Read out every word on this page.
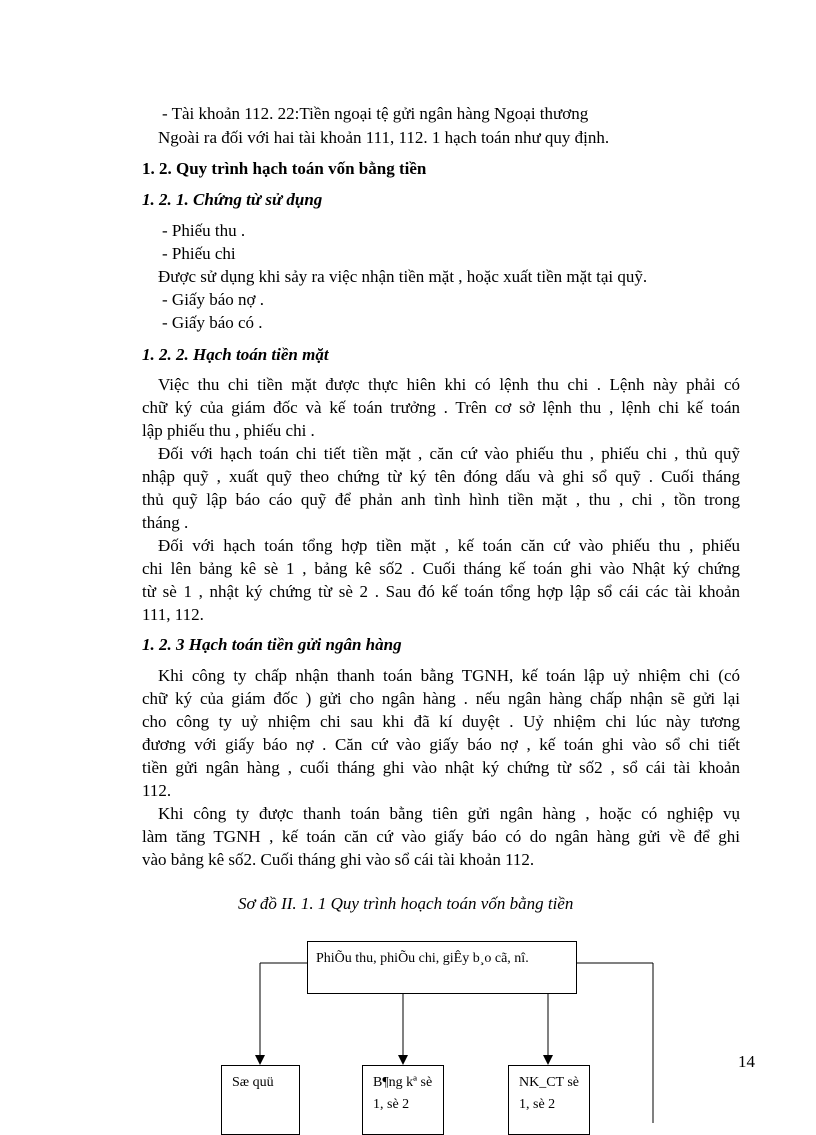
- Tài khoản 112. 22:Tiền ngoại tệ gửi ngân hàng Ngoại thương
Ngoài ra đối với hai tài khoản 111, 112. 1 hạch toán như quy định.
1. 2. Quy trình hạch toán vốn bằng tiền
1. 2. 1. Chứng từ sử dụng
- Phiếu thu .
- Phiếu chi
Được sử dụng khi sảy ra việc nhận tiền mặt , hoặc xuất tiền mặt tại quỹ.
- Giấy báo nợ .
- Giấy báo có .
1. 2. 2. Hạch toán tiền mặt
Việc thu chi tiền mặt được thực hiên khi có lệnh thu chi . Lệnh này phải có
chữ ký của giám đốc và kế toán trưởng . Trên cơ sở lệnh thu , lệnh chi kế toán
lập phiếu thu , phiếu chi .
Đối với hạch toán chi tiết tiền mặt , căn cứ vào phiếu thu , phiếu chi , thủ quỹ
nhập quỹ , xuất quỹ theo chứng từ ký tên đóng dấu và ghi sổ quỹ . Cuối tháng
thủ quỹ lập báo cáo quỹ để phản anh tình hình tiền mặt , thu , chi , tồn trong
tháng .
Đối với hạch toán tổng hợp tiền mặt , kế toán căn cứ vào phiếu thu , phiếu
chi lên bảng kê sè 1 , bảng kê số2 . Cuối tháng kế toán ghi vào Nhật ký chứng
từ sè 1 , nhật ký chứng từ sè 2 . Sau đó kế toán tổng hợp lập sổ cái các tài khoản
111, 112.
1. 2. 3 Hạch toán tiền gửi ngân hàng
Khi công ty chấp nhận thanh toán bằng TGNH, kế toán lập uỷ nhiệm chi (có
chữ ký của giám đốc ) gửi cho ngân hàng . nếu ngân hàng chấp nhận sẽ gửi lại
cho công ty uỷ nhiệm chi sau khi đã kí duyệt . Uỷ nhiệm chi lúc này tương
đương với giấy báo nợ . Căn cứ vào giấy báo nợ , kế toán ghi vào sổ chi tiết
tiền gửi ngân hàng , cuối tháng ghi vào nhật ký chứng từ số2 , sổ cái tài khoản
112.
Khi công ty được thanh toán bằng tiên gửi ngân hàng , hoặc có nghiệp vụ
làm tăng TGNH , kế toán căn cứ vào giấy báo có do ngân hàng gửi về để ghi
vào bảng kê số2. Cuối tháng ghi vào sổ cái tài khoản 112.
Sơ đồ II. 1. 1 Quy trình hoạch toán vốn bằng tiền
PhiÕu thu, phiÕu chi, giÊy b¸o cã, nî.
Sæ quü	B¶ng kª sè
1, sè 2
NK_CT sè
1, sè 2
14
